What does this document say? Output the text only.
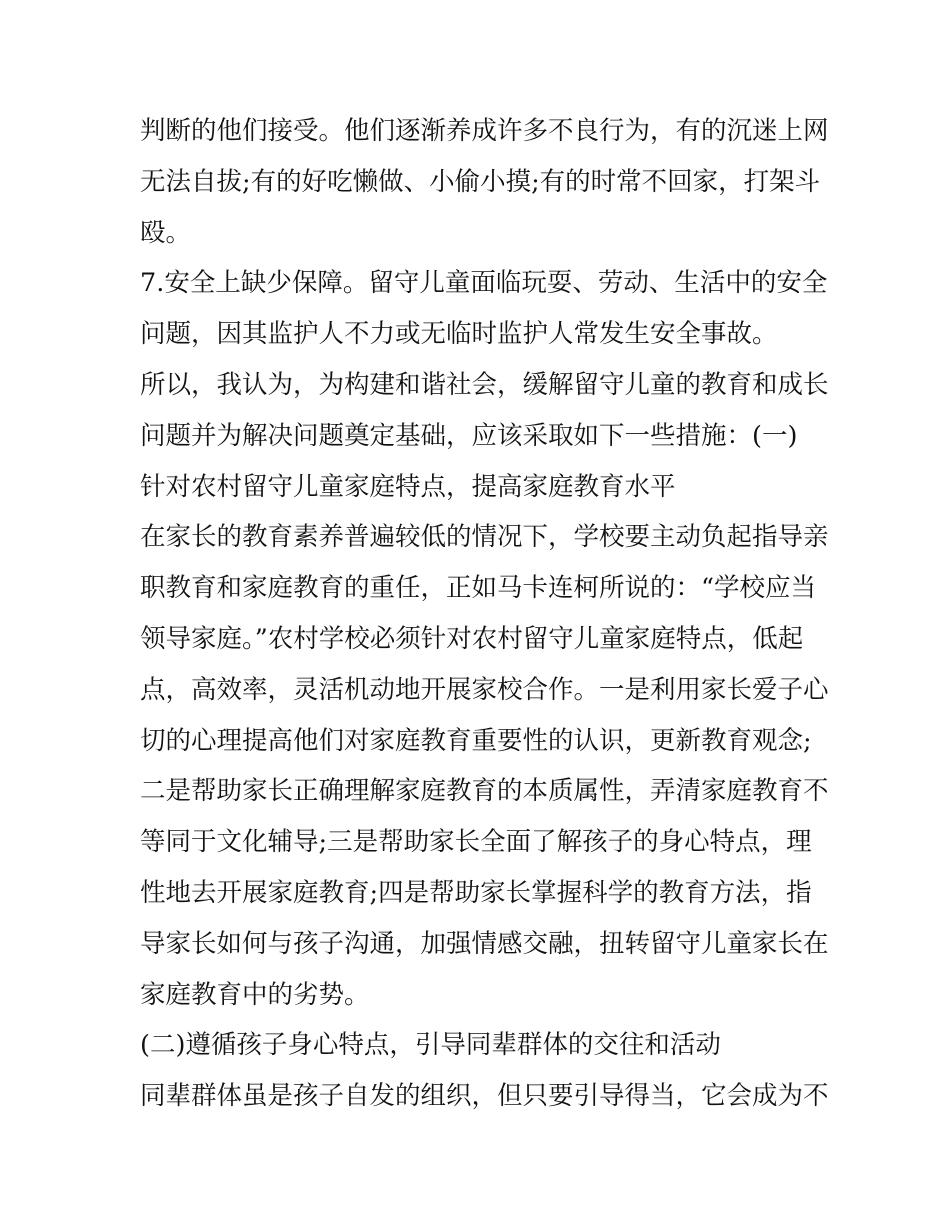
判断的他们接受。他们逐渐养成许多不良行为，有的沉迷上网
无法自拔;有的好吃懒做、小偷小摸;有的时常不回家，打架斗
殴。
7.安全上缺少保障。留守儿童面临玩耍、劳动、生活中的安全
问题，因其监护人不力或无临时监护人常发生安全事故。
所以，我认为，为构建和谐社会，缓解留守儿童的教育和成长
问题并为解决问题奠定基础，应该采取如下一些措施：(一)
针对农村留守儿童家庭特点，提高家庭教育水平
在家长的教育素养普遍较低的情况下，学校要主动负起指导亲
职教育和家庭教育的重任，正如马卡连柯所说的：“学校应当
领导家庭。”农村学校必须针对农村留守儿童家庭特点，低起
点，高效率，灵活机动地开展家校合作。一是利用家长爱子心
切的心理提高他们对家庭教育重要性的认识，更新教育观念;
二是帮助家长正确理解家庭教育的本质属性，弄清家庭教育不
等同于文化辅导;三是帮助家长全面了解孩子的身心特点，理
性地去开展家庭教育;四是帮助家长掌握科学的教育方法，指
导家长如何与孩子沟通，加强情感交融，扭转留守儿童家长在
家庭教育中的劣势。
(二)遵循孩子身心特点，引导同辈群体的交往和活动
同辈群体虽是孩子自发的组织，但只要引导得当，它会成为不
